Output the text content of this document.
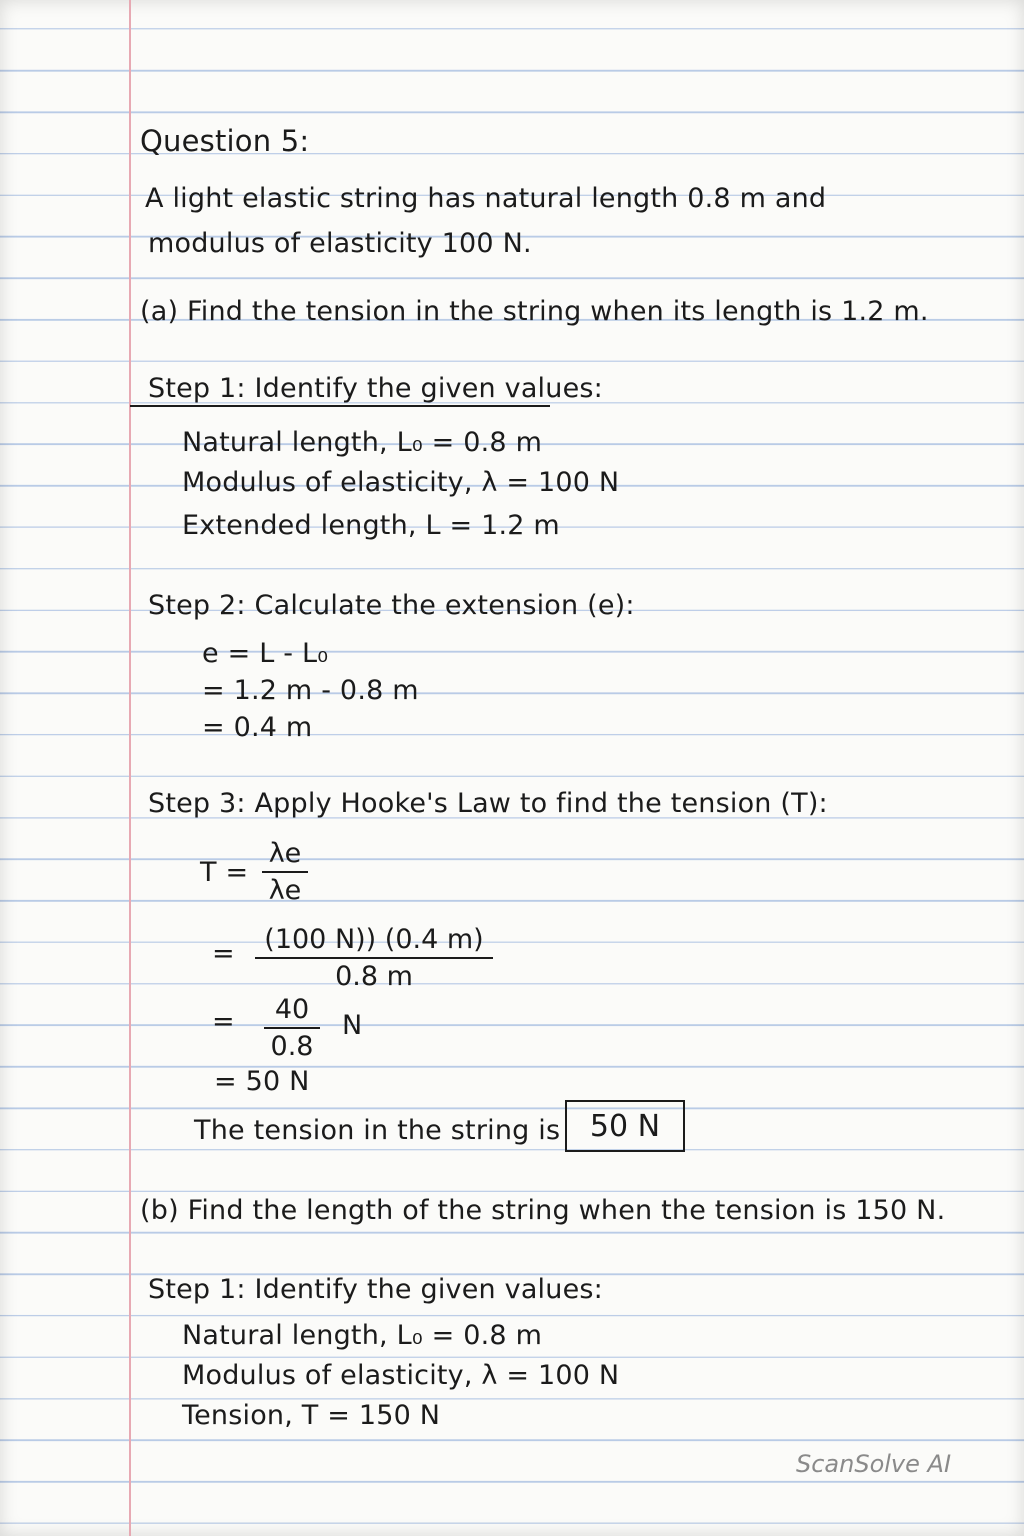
Question 5:
A light elastic string has natural length 0.8 m and
modulus of elasticity 100 N.
(a) Find the tension in the string when its length is 1.2 m.
Step 1: Identify the given values:
Natural length, L₀ = 0.8 m
Modulus of elasticity, λ = 100 N
Extended length, L = 1.2 m
Step 2: Calculate the extension (e):
e = L - L₀
= 1.2 m - 0.8 m
= 0.4 m
Step 3: Apply Hooke's Law to find the tension (T):
T =
λe
λe
= (100 N)) (0.4 m)
0.8 m
= 40
0.8
N
= 50 N
The tension in the string is 50 N
(b) Find the length of the string when the tension is 150 N.
Step 1: Identify the given values:
Natural length, L₀ = 0.8 m
Modulus of elasticity, λ = 100 N
Tension, T = 150 N
ScanSolve AI
